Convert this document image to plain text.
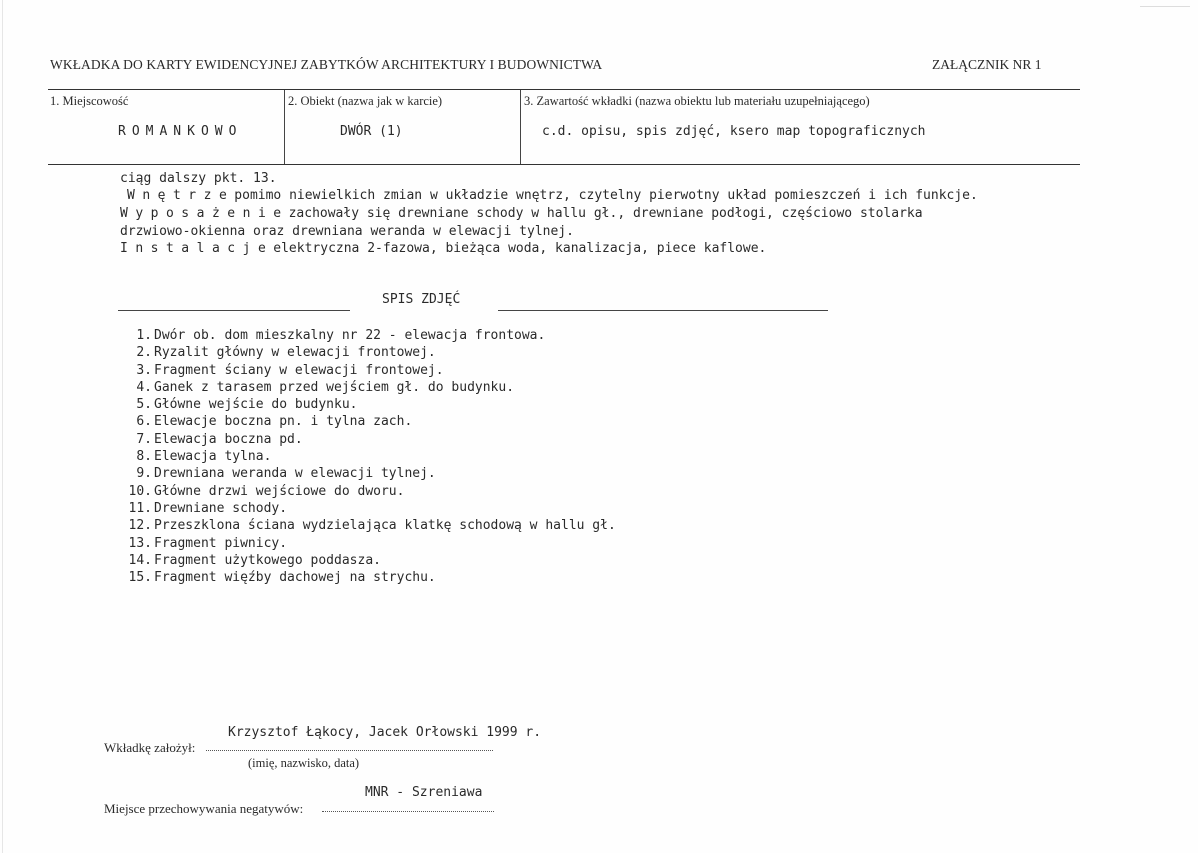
WKŁADKA DO KARTY EWIDENCYJNEJ ZABYTKÓW ARCHITEKTURY I BUDOWNICTWA	ZAŁĄCZNIK NR 1
1. Miejscowość	2. Obiekt (nazwa jak w karcie)	3. Zawartość wkładki (nazwa obiektu lub materiału uzupełniającego)
ROMANKOWO	DWÓR (1)	c.d. opisu, spis zdjęć, ksero map topograficznych
ciąg dalszy pkt. 13.
Wnętrzepomimo niewielkich zmian w układzie wnętrz, czytelny pierwotny układ pomieszczeń i ich funkcje.
Wyposażeniezachowały się drewniane schody w hallu gł., drewniane podłogi, częściowo stolarka
drzwiowo-okienna oraz drewniana weranda w elewacji tylnej.
Instalacjeelektryczna 2-fazowa, bieżąca woda, kanalizacja, piece kaflowe.
SPIS ZDJĘĆ
1. Dwór ob. dom mieszkalny nr 22 - elewacja frontowa.
2. Ryzalit główny w elewacji frontowej.
3. Fragment ściany w elewacji frontowej.
4. Ganek z tarasem przed wejściem gł. do budynku.
5. Główne wejście do budynku.
6. Elewacje boczna pn. i tylna zach.
7. Elewacja boczna pd.
8. Elewacja tylna.
9. Drewniana weranda w elewacji tylnej.
10. Główne drzwi wejściowe do dworu.
11. Drewniane schody.
12. Przeszklona ściana wydzielająca klatkę schodową w hallu gł.
13. Fragment piwnicy.
14. Fragment użytkowego poddasza.
15. Fragment więźby dachowej na strychu.
Krzysztof Łąkocy, Jacek Orłowski 1999 r.
Wkładkę założył:
(imię, nazwisko, data)
MNR - Szreniawa
Miejsce przechowywania negatywów:
